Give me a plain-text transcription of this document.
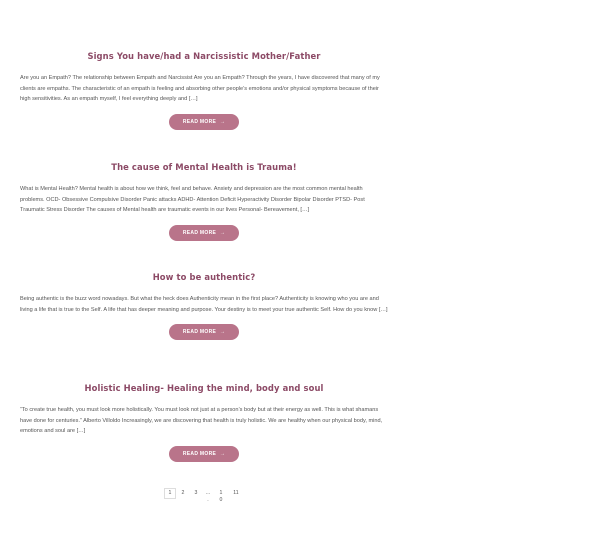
Signs You have/had a Narcissistic Mother/Father

Are you an Empath? The relationship between Empath and Narcissist Are you an Empath? Through the years, I have discovered that many of my clients are empaths. The characteristic of an empath is feeling and absorbing other people’s emotions and/or physical symptoms because of their high sensitivities. As an empath myself, I feel everything deeply and […]

READ MORE →
The cause of Mental Health is Trauma!

What is Mental Health? Mental health is about how we think, feel and behave. Anxiety and depression are the most common mental health problems. OCD- Obsessive Compulsive Disorder Panic attacks ADHD- Attention Deficit Hyperactivity Disorder Bipolar Disorder PTSD- Post Traumatic Stress Disorder The causes of Mental health are traumatic events in our lives Personal- Bereavement, […]

READ MORE →
How to be authentic?

Being authentic is the buzz word nowadays. But what the heck does Authenticity mean in the first place? Authenticity is knowing who you are and living a life that is true to the Self. A life that has deeper meaning and purpose. Your destiny is to meet your true authentic Self. How do you know […]

READ MORE →
Holistic Healing- Healing the mind, body and soul

“To create true health, you must look more holistically. You must look not just at a person’s body but at their energy as well. This is what shamans have done for centuries.” Alberto Villoldo Increasingly, we are discovering that health is truly holistic. We are healthy when our physical body, mind, emotions and soul are […]

READ MORE →
1	2	3	…
.
1
0
11
